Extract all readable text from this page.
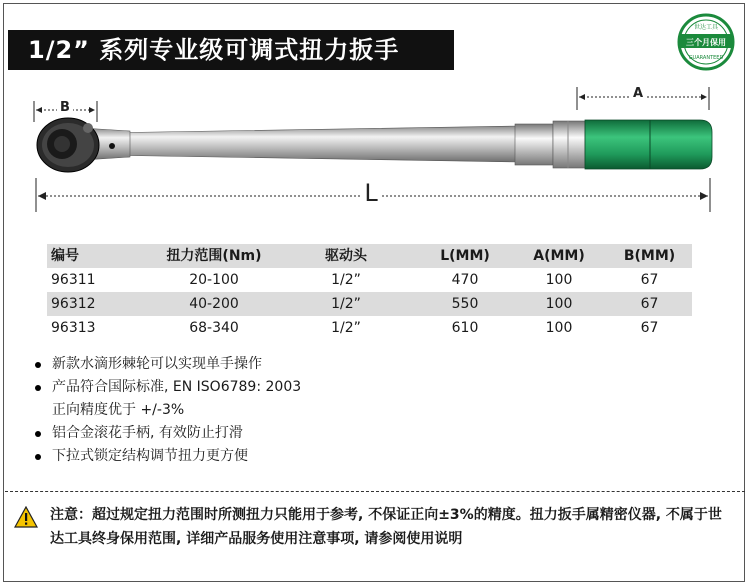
1/2” 系列专业级可调式扭力扳手	三个月保用
世达工具
GUARANTEED
B
A
L
编号	扭力范围(Nm)	驱动头	L(MM)	A(MM)	B(MM)
96311	20-100	1/2”	470	100	67
96312	40-200	1/2”	550	100	67
96313	68-340	1/2”	610	100	67
新款水滴形棘轮可以实现单手操作
产品符合国际标准, EN ISO6789: 2003
正向精度优于 +/-3%
铝合金滚花手柄, 有效防止打滑
下拉式锁定结构调节扭力更方便
注意：超过规定扭力范围时所测扭力只能用于参考, 不保证正向±3%的精度。扭力扳手属精密仪器, 不属于世达工具终身保用范围, 详细产品服务使用注意事项, 请参阅使用说明
